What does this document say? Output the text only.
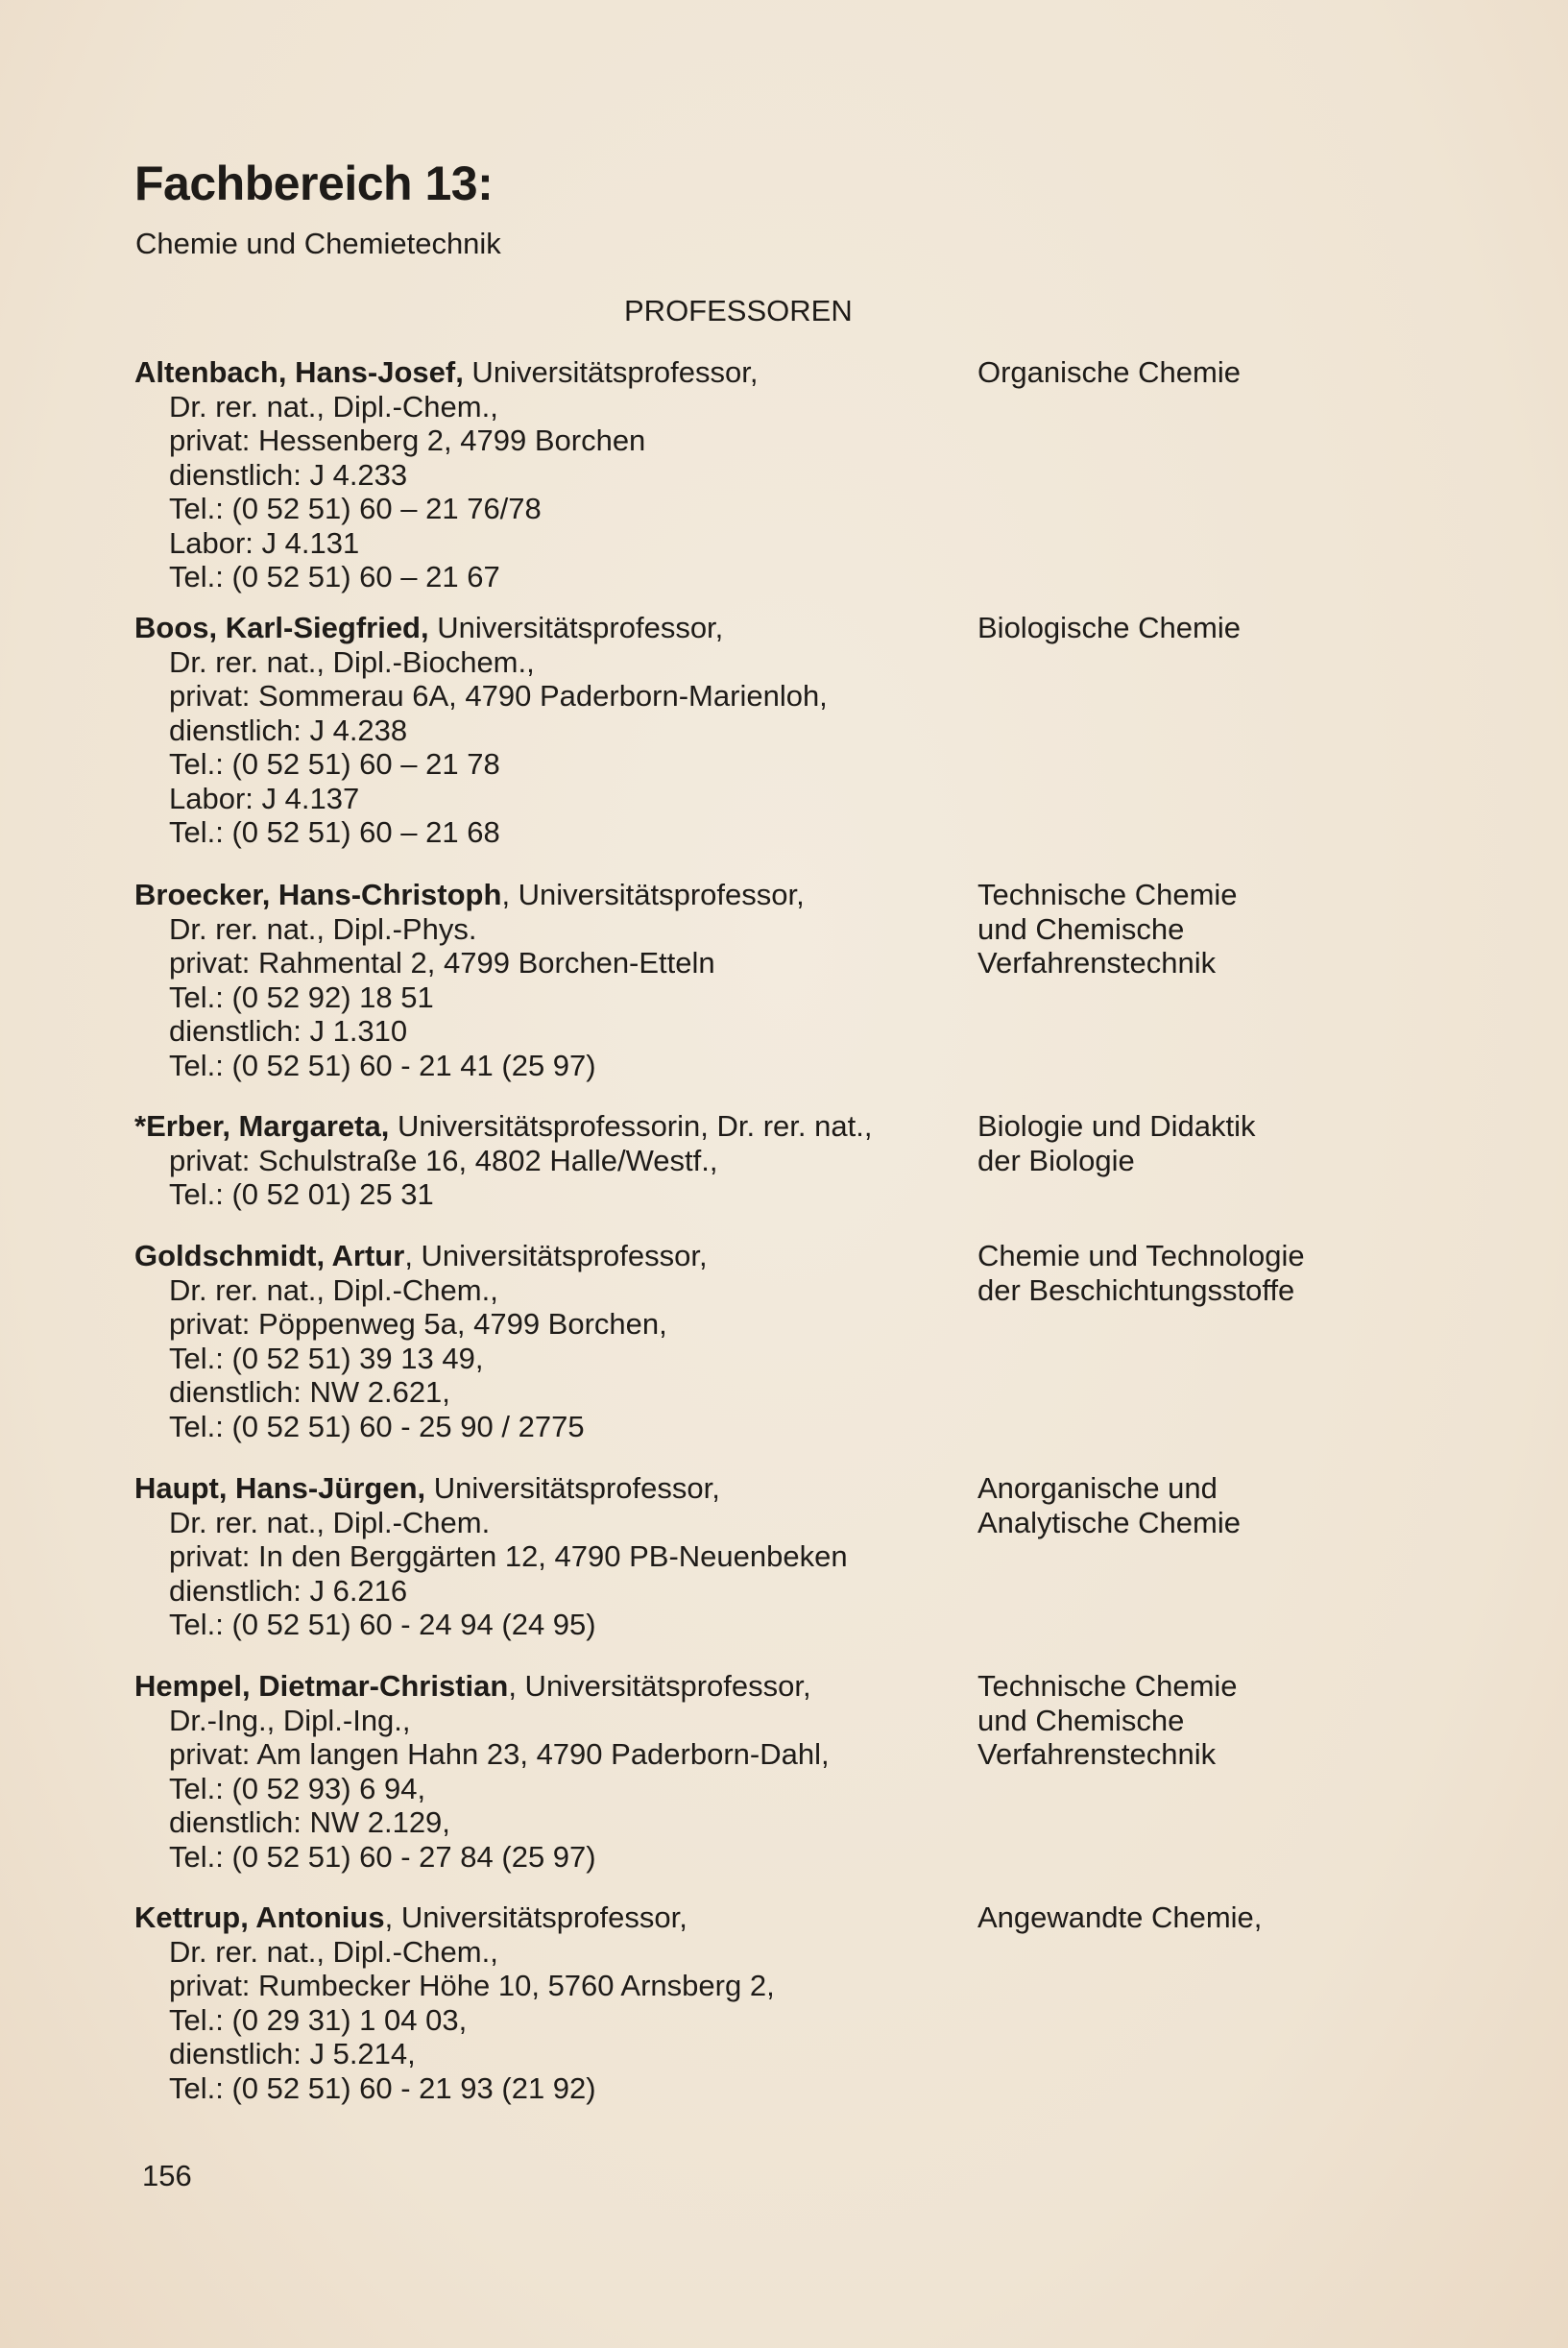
Fachbereich 13:

Chemie und Chemietechnik

PROFESSOREN

Altenbach, Hans-Josef, Universitätsprofessor,
Dr. rer. nat., Dipl.-Chem.,
privat: Hessenberg 2, 4799 Borchen
dienstlich: J 4.233
Tel.: (0 52 51) 60 – 21 76/78
Labor: J 4.131
Tel.: (0 52 51) 60 – 21 67
Organische Chemie
Boos, Karl-Siegfried, Universitätsprofessor,
Dr. rer. nat., Dipl.-Biochem.,
privat: Sommerau 6A, 4790 Paderborn-Marienloh,
dienstlich: J 4.238
Tel.: (0 52 51) 60 – 21 78
Labor: J 4.137
Tel.: (0 52 51) 60 – 21 68
Biologische Chemie
Broecker, Hans-Christoph, Universitätsprofessor,
Dr. rer. nat., Dipl.-Phys.
privat: Rahmental 2, 4799 Borchen-Etteln
Tel.: (0 52 92) 18 51
dienstlich: J 1.310
Tel.: (0 52 51) 60 - 21 41 (25 97)
Technische Chemie
und Chemische
Verfahrenstechnik
*Erber, Margareta, Universitätsprofessorin, Dr. rer. nat.,
privat: Schulstraße 16, 4802 Halle/Westf.,
Tel.: (0 52 01) 25 31
Biologie und Didaktik
der Biologie
Goldschmidt, Artur, Universitätsprofessor,
Dr. rer. nat., Dipl.-Chem.,
privat: Pöppenweg 5a, 4799 Borchen,
Tel.: (0 52 51) 39 13 49,
dienstlich: NW 2.621,
Tel.: (0 52 51) 60 - 25 90 / 2775
Chemie und Technologie
der Beschichtungsstoffe
Haupt, Hans-Jürgen, Universitätsprofessor,
Dr. rer. nat., Dipl.-Chem.
privat: In den Berggärten 12, 4790 PB-Neuenbeken
dienstlich: J 6.216
Tel.: (0 52 51) 60 - 24 94 (24 95)
Anorganische und
Analytische Chemie
Hempel, Dietmar-Christian, Universitätsprofessor,
Dr.-Ing., Dipl.-Ing.,
privat: Am langen Hahn 23, 4790 Paderborn-Dahl,
Tel.: (0 52 93) 6 94,
dienstlich: NW 2.129,
Tel.: (0 52 51) 60 - 27 84 (25 97)
Technische Chemie
und Chemische
Verfahrenstechnik
Kettrup, Antonius, Universitätsprofessor,
Dr. rer. nat., Dipl.-Chem.,
privat: Rumbecker Höhe 10, 5760 Arnsberg 2,
Tel.: (0 29 31) 1 04 03,
dienstlich: J 5.214,
Tel.: (0 52 51) 60 - 21 93 (21 92)
Angewandte Chemie,

156
